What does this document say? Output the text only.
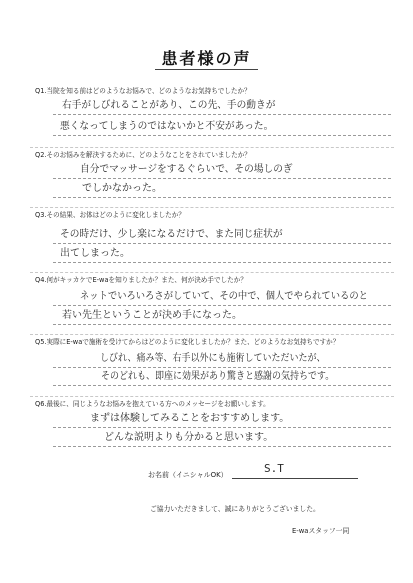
患者様の声
Q1.当院を知る前はどのようなお悩みで、どのようなお気持ちでしたか？
右手がしびれることがあり、この先、手の動きが
悪くなってしまうのではないかと不安があった。
Q2.そのお悩みを解決するために、どのようなことをされていましたか？
自分でマッサージをするぐらいで、その場しのぎ
でしかなかった。
Q3.その結果、お体はどのように変化しましたか？
その時だけ、少し楽になるだけで、また同じ症状が
出てしまった。
Q4.何がキッカケでE-waを知りましたか？また、何が決め手でしたか？
ネットでいろいろさがしていて、その中で、個人でやられているのと
若い先生ということが決め手になった。
Q5.実際にE-waで施術を受けてからはどのように変化しましたか？また、どのようなお気持ちですか？
しびれ、痛み等、右手以外にも施術していただいたが、
そのどれも、即座に効果があり驚きと感謝の気持ちです。
Q6.最後に、同じようなお悩みを抱えている方へのメッセージをお願いします。
まずは体験してみることをおすすめします。
どんな説明よりも分かると思います。
お名前（イニシャルOK）	S.T
ご協力いただきまして、誠にありがとうございました。
E-waスタッフ一同
